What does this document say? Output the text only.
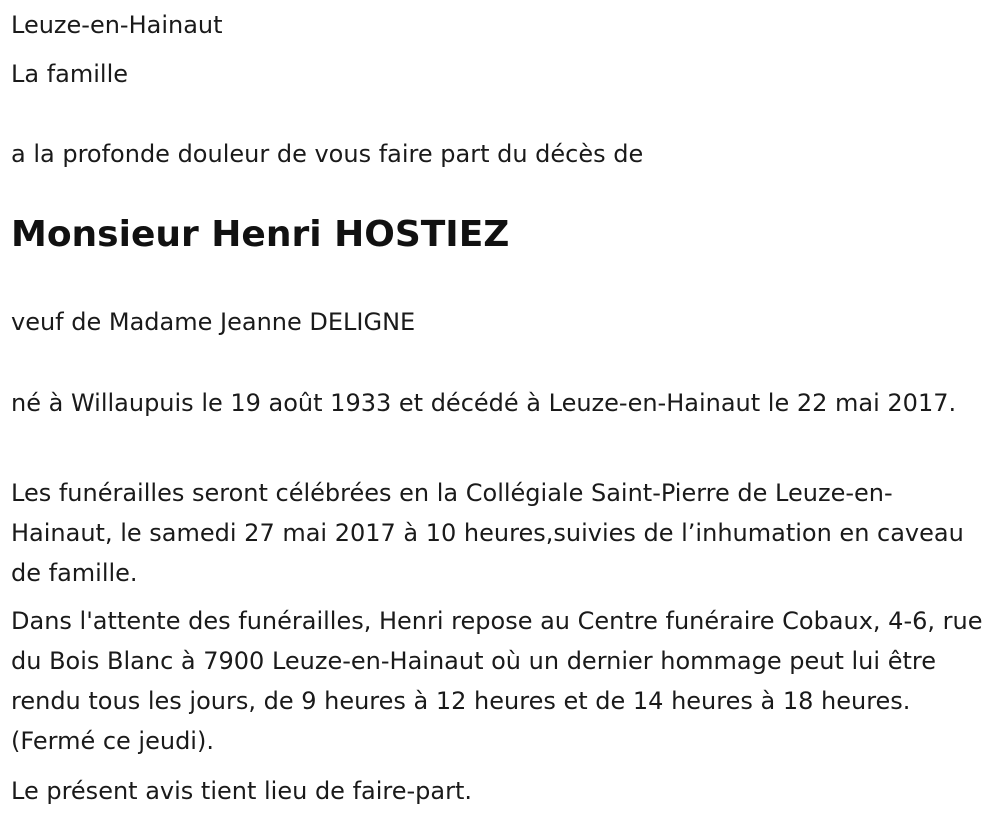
Leuze-en-Hainaut

La famille

a la profonde douleur de vous faire part du décès de

Monsieur Henri HOSTIEZ

veuf de Madame Jeanne DELIGNE

né à Willaupuis le 19 août 1933 et décédé à Leuze-en-Hainaut le 22 mai 2017.

Les funérailles seront célébrées en la Collégiale Saint-Pierre de Leuze-en-Hainaut, le samedi 27 mai 2017 à 10 heures,suivies de l’inhumation en caveau de famille.

Dans l'attente des funérailles, Henri repose au Centre funéraire Cobaux, 4-6, rue du Bois Blanc à 7900 Leuze-en-Hainaut où un dernier hommage peut lui être rendu tous les jours, de 9 heures à 12 heures et de 14 heures à 18 heures. (Fermé ce jeudi).

Le présent avis tient lieu de faire-part.
